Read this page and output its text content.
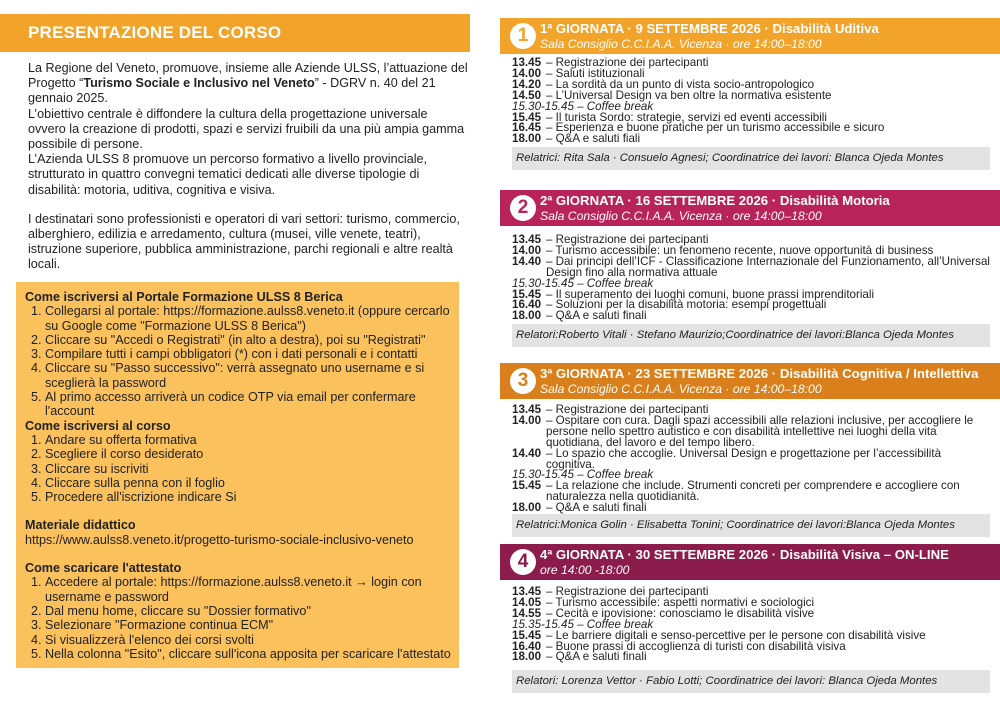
PRESENTAZIONE DEL CORSO

La Regione del Veneto, promuove, insieme alle Aziende ULSS, l’attuazione del Progetto “Turismo Sociale e Inclusivo nel Veneto” - DGRV n. 40 del 21 gennaio 2025.

L’obiettivo centrale è diffondere la cultura della progettazione universale ovvero la creazione di prodotti, spazi e servizi fruibili da una più ampia gamma possibile di persone.

L’Azienda ULSS 8 promuove un percorso formativo a livello provinciale, strutturato in quattro convegni tematici dedicati alle diverse tipologie di disabilità: motoria, uditiva, cognitiva e visiva.

I destinatari sono professionisti e operatori di vari settori: turismo, commercio, alberghiero, edilizia e arredamento, cultura (musei, ville venete, teatri), istruzione superiore, pubblica amministrazione, parchi regionali e altre realtà locali.

Come iscriversi al Portale Formazione ULSS 8 Berica
1. Collegarsi al portale: https://formazione.aulss8.veneto.it (oppure cercarlo su Google come "Formazione ULSS 8 Berica")
2. Cliccare su "Accedi o Registrati" (in alto a destra), poi su "Registrati"
3. Compilare tutti i campi obbligatori (*) con i dati personali e i contatti
4. Cliccare su "Passo successivo": verrà assegnato uno username e si sceglierà la password
5. Al primo accesso arriverà un codice OTP via email per confermare l'account
Come iscriversi al corso
1. Andare su offerta formativa
2. Scegliere il corso desiderato
3. Cliccare su iscriviti
4. Cliccare sulla penna con il foglio
5. Procedere all'iscrizione indicare Si
Materiale didattico

https://www.aulss8.veneto.it/progetto-turismo-sociale-inclusivo-veneto

Come scaricare l'attestato
1. Accedere al portale: https://formazione.aulss8.veneto.it → login con username e password
2. Dal menu home, cliccare su "Dossier formativo"
3. Selezionare "Formazione continua ECM"
4. Si visualizzerà l'elenco dei corsi svolti
5. Nella colonna "Esito", cliccare sull'icona apposita per scaricare l'attestato
1 1ª GIORNATA · 9 SETTEMBRE 2026 · Disabilità Uditiva
Sala Consiglio C.C.I.A.A. Vicenza · ore 14:00–18:00
13.45 – Registrazione dei partecipanti
14.00 – Saluti istituzionali
14.20 – La sordità da un punto di vista socio-antropologico
14.50 – L’Universal Design va ben oltre la normativa esistente
15.30-15.45 – Coffee break
15.45 – Il turista Sordo: strategie, servizi ed eventi accessibili
16.45 – Esperienza e buone pratiche per un turismo accessibile e sicuro
18.00 – Q&A e saluti fiali
Relatrici: Rita Sala · Consuelo Agnesi; Coordinatrice dei lavori: Blanca Ojeda Montes
2 2ª GIORNATA · 16 SETTEMBRE 2026 · Disabilità Motoria
Sala Consiglio C.C.I.A.A. Vicenza · ore 14:00–18:00
13.45 – Registrazione dei partecipanti
14.00 – Turismo accessibile: un fenomeno recente, nuove opportunità di business
14.40 – Dai principi dell’ICF - Classificazione Internazionale del Funzionamento, all’Universal Design fino alla normativa attuale
15.30-15.45 – Coffee break
15.45 – Il superamento dei luoghi comuni, buone prassi imprenditoriali
16.40 – Soluzioni per la disabilità motoria: esempi progettuali
18.00 – Q&A e saluti finali
Relatori:Roberto Vitali · Stefano Maurizio;Coordinatrice dei lavori:Blanca Ojeda Montes
3 3ª GIORNATA · 23 SETTEMBRE 2026 · Disabilità Cognitiva / Intellettiva
Sala Consiglio C.C.I.A.A. Vicenza · ore 14:00–18:00
13.45 – Registrazione dei partecipanti
14.00 – Ospitare con cura. Dagli spazi accessibili alle relazioni inclusive, per accogliere le persone nello spettro autistico e con disabilità intellettive nei luoghi della vita quotidiana, del lavoro e del tempo libero.
14.40 – Lo spazio che accoglie. Universal Design e progettazione per l’accessibilità cognitiva.
15.30-15.45 – Coffee break
15.45 – La relazione che include. Strumenti concreti per comprendere e accogliere con naturalezza nella quotidianità.
18.00 – Q&A e saluti finali
Relatrici:Monica Golin · Elisabetta Tonini; Coordinatrice dei lavori:Blanca Ojeda Montes
4 4ª GIORNATA · 30 SETTEMBRE 2026 · Disabilità Visiva – ON-LINE
ore 14:00 -18:00
13.45 – Registrazione dei partecipanti
14.05 – Turismo accessibile: aspetti normativi e sociologici
14.55 – Cecità e ipovisione: conosciamo le disabilità visive
15.35-15.45 – Coffee break
15.45 – Le barriere digitali e senso-percettive per le persone con disabilità visive
16.40 – Buone prassi di accoglienza di turisti con disabilità visiva
18.00 – Q&A e saluti finali
Relatori: Lorenza Vettor · Fabio Lotti; Coordinatrice dei lavori: Blanca Ojeda Montes
